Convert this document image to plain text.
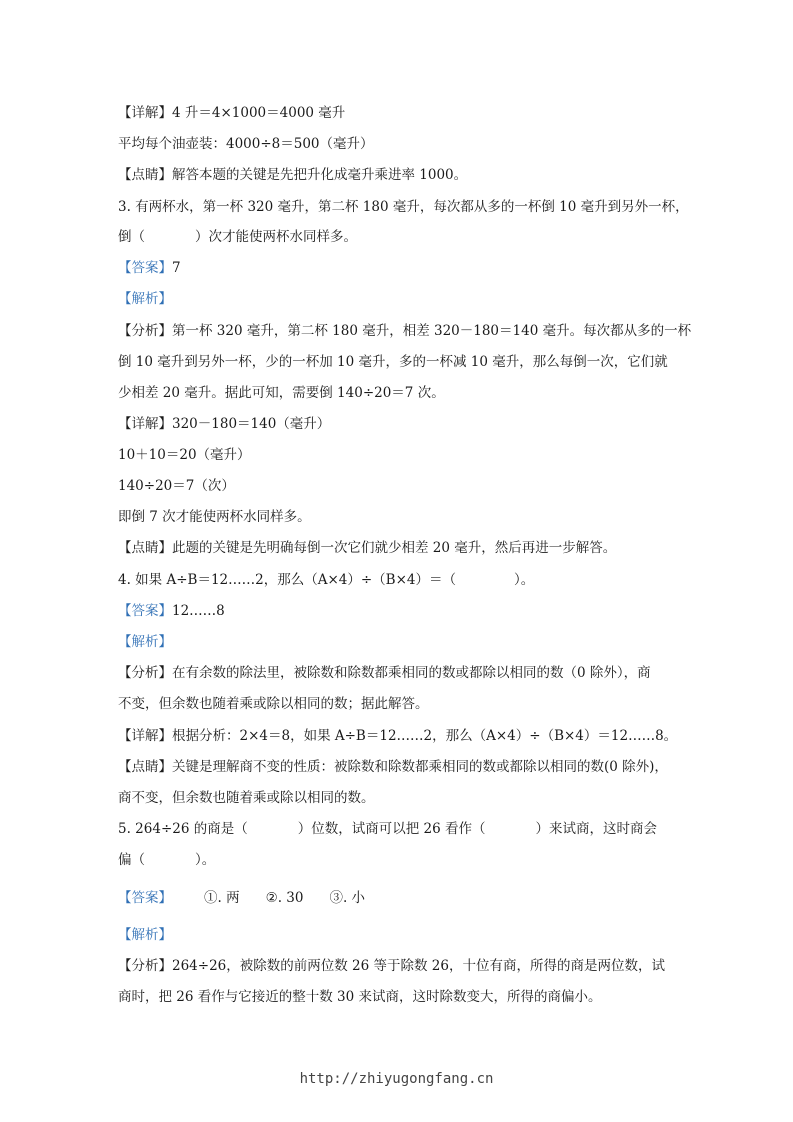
【详解】4 升＝4×1000＝4000 毫升
平均每个油壶装：4000÷8＝500（毫升）
【点睛】解答本题的关键是先把升化成毫升乘进率 1000。
3. 有两杯水，第一杯 320 毫升，第二杯 180 毫升，每次都从多的一杯倒 10 毫升到另外一杯，
倒（	）次才能使两杯水同样多。
【答案】7
【解析】
【分析】第一杯 320 毫升，第二杯 180 毫升，相差 320－180＝140 毫升。每次都从多的一杯
倒 10 毫升到另外一杯，少的一杯加 10 毫升，多的一杯减 10 毫升，那么每倒一次，它们就
少相差 20 毫升。据此可知，需要倒 140÷20＝7 次。
【详解】320－180＝140（毫升）
10＋10＝20（毫升）
140÷20＝7（次）
即倒 7 次才能使两杯水同样多。
【点睛】此题的关键是先明确每倒一次它们就少相差 20 毫升，然后再进一步解答。
4. 如果 A÷B＝12……2，那么（A×4）÷（B×4）＝（	）。
【答案】12……8
【解析】
【分析】在有余数的除法里，被除数和除数都乘相同的数或都除以相同的数（0 除外），商
不变，但余数也随着乘或除以相同的数；据此解答。
【详解】根据分析：2×4＝8，如果 A÷B＝12……2，那么（A×4）÷（B×4）＝12……8。
【点睛】关键是理解商不变的性质：被除数和除数都乘相同的数或都除以相同的数(0 除外)，
商不变，但余数也随着乘或除以相同的数。
5. 264÷26 的商是（	）位数，试商可以把 26 看作（	）来试商，这时商会
偏（	）。
【答案】 ①. 两 ②. 30 ③. 小
【解析】
【分析】264÷26，被除数的前两位数 26 等于除数 26，十位有商，所得的商是两位数，试
商时，把 26 看作与它接近的整十数 30 来试商，这时除数变大，所得的商偏小。
http://zhiyugongfang.cn
